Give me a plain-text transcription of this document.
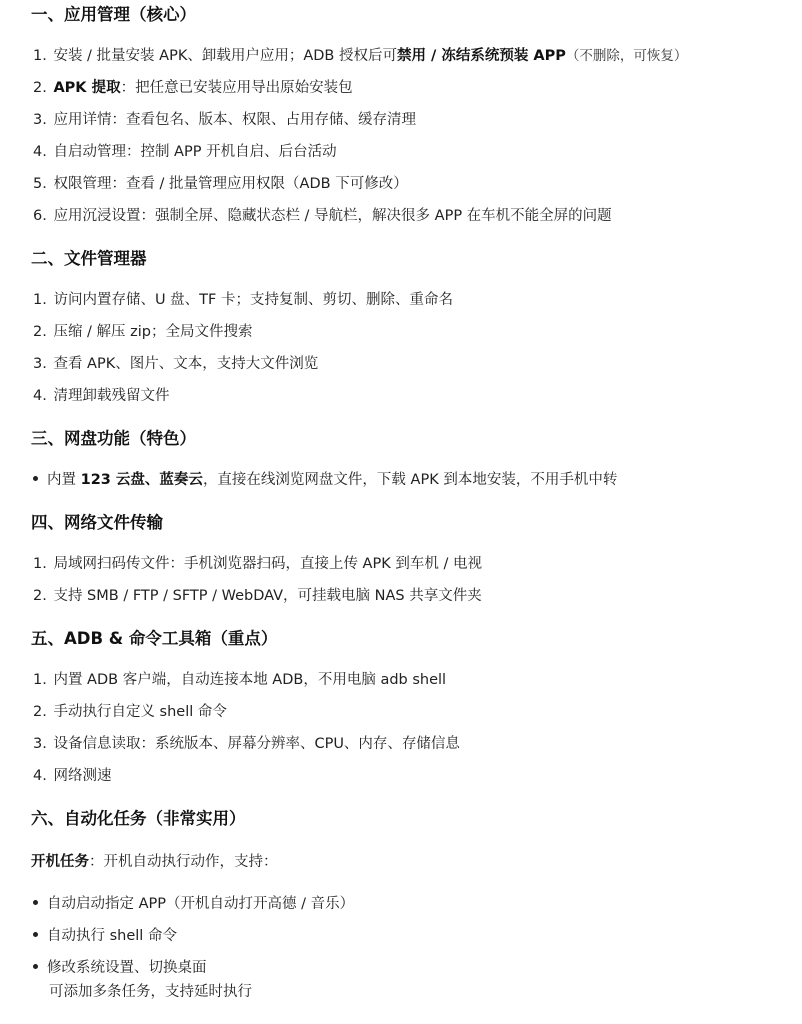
一、应用管理（核心）
1. 安装 / 批量安装 APK、卸载用户应用；ADB 授权后可禁用 / 冻结系统预装 APP（不删除，可恢复）
2. APK 提取：把任意已安装应用导出原始安装包
3. 应用详情：查看包名、版本、权限、占用存储、缓存清理
4. 自启动管理：控制 APP 开机自启、后台活动
5. 权限管理：查看 / 批量管理应用权限（ADB 下可修改）
6. 应用沉浸设置：强制全屏、隐藏状态栏 / 导航栏，解决很多 APP 在车机不能全屏的问题
二、文件管理器
1. 访问内置存储、U 盘、TF 卡；支持复制、剪切、删除、重命名
2. 压缩 / 解压 zip；全局文件搜索
3. 查看 APK、图片、文本，支持大文件浏览
4. 清理卸载残留文件
三、网盘功能（特色）
内置 123 云盘、蓝奏云，直接在线浏览网盘文件，下载 APK 到本地安装，不用手机中转
四、网络文件传输
1. 局域网扫码传文件：手机浏览器扫码，直接上传 APK 到车机 / 电视
2. 支持 SMB / FTP / SFTP / WebDAV，可挂载电脑 NAS 共享文件夹
五、ADB & 命令工具箱（重点）
1. 内置 ADB 客户端，自动连接本地 ADB，不用电脑 adb shell
2. 手动执行自定义 shell 命令
3. 设备信息读取：系统版本、屏幕分辨率、CPU、内存、存储信息
4. 网络测速
六、自动化任务（非常实用）
开机任务：开机自动执行动作，支持：
自动启动指定 APP（开机自动打开高德 / 音乐）
自动执行 shell 命令
修改系统设置、切换桌面
可添加多条任务，支持延时执行
